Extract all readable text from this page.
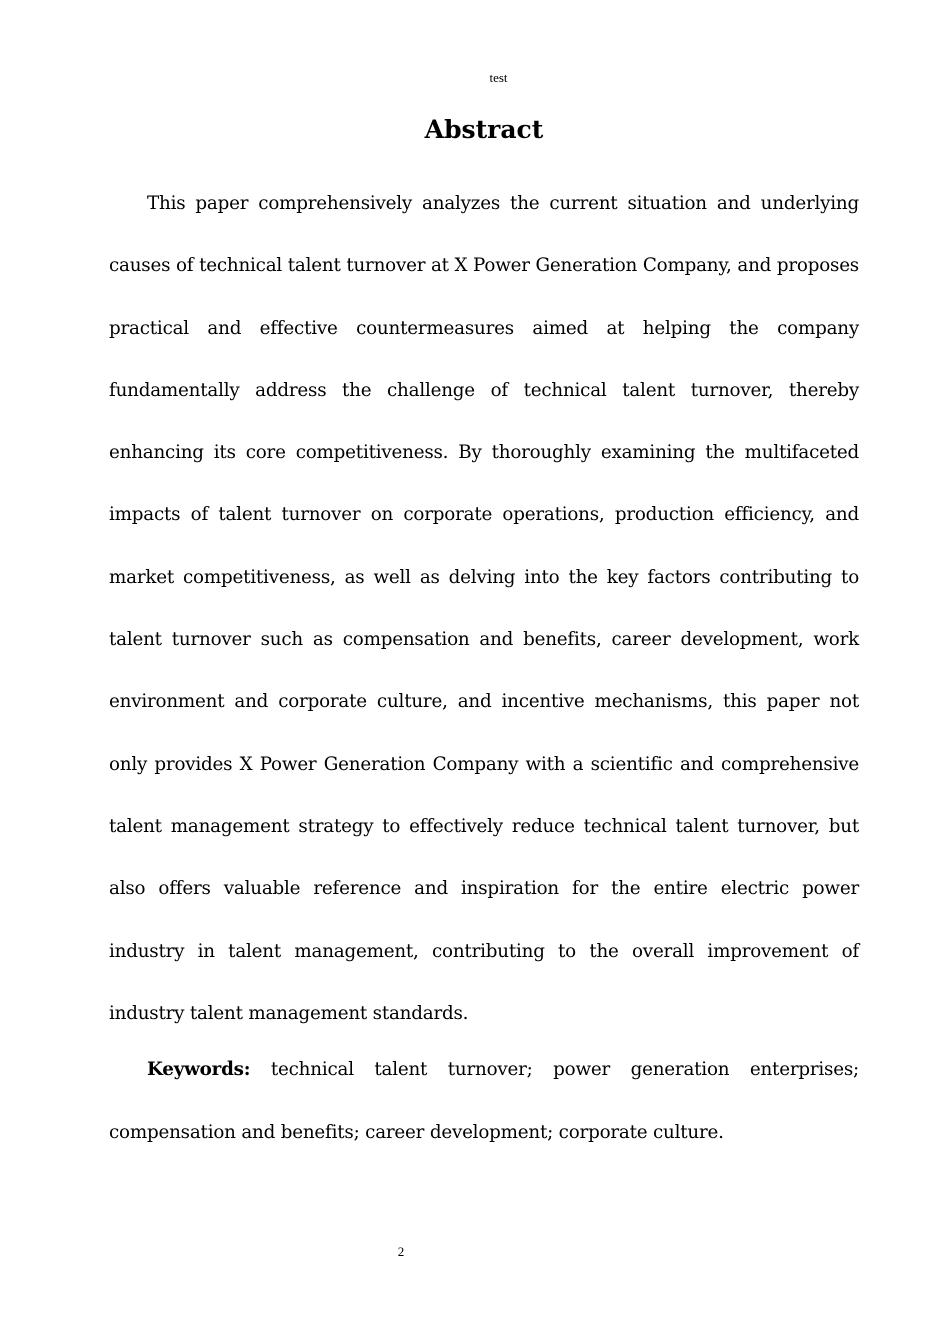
test
Abstract

This paper comprehensively analyzes the current situation and underlying causes of technical talent turnover at X Power Generation Company, and proposes practical and effective countermeasures aimed at helping the company fundamentally address the challenge of technical talent turnover, thereby enhancing its core competitiveness. By thoroughly examining the multifaceted impacts of talent turnover on corporate operations, production efficiency, and market competitiveness, as well as delving into the key factors contributing to talent turnover such as compensation and benefits, career development, work environment and corporate culture, and incentive mechanisms, this paper not only provides X Power Generation Company with a scientific and comprehensive talent management strategy to effectively reduce technical talent turnover, but also offers valuable reference and inspiration for the entire electric power industry in talent management, contributing to the overall improvement of industry talent management standards.

Keywords: technical talent turnover; power generation enterprises; compensation and benefits; career development; corporate culture.

2
